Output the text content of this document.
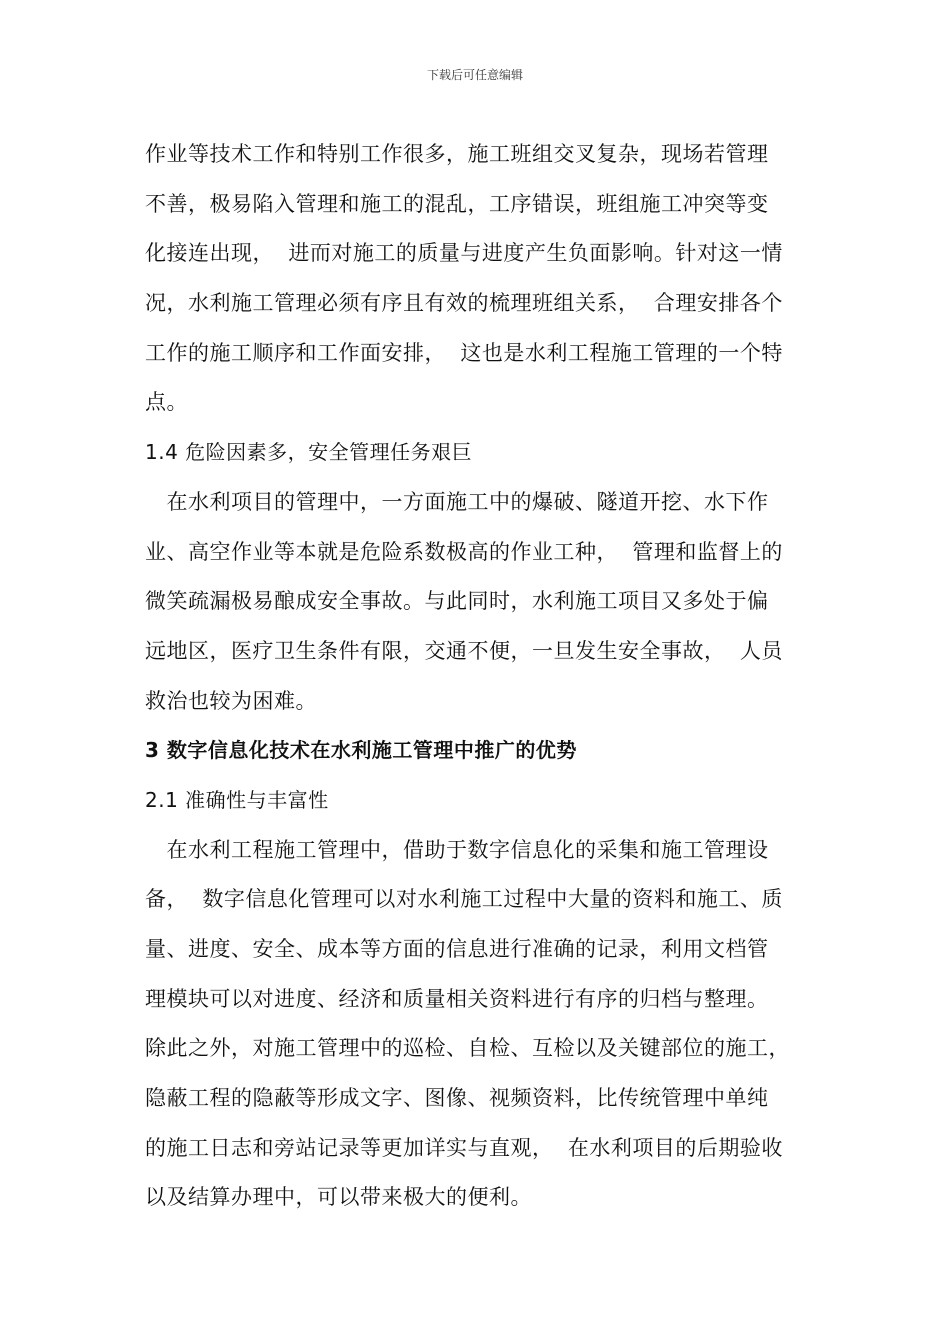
下载后可任意编辑
作业等技术工作和特别工作很多，施工班组交叉复杂，现场若管理
不善，极易陷入管理和施工的混乱，工序错误，班组施工冲突等变
化接连出现，  进而对施工的质量与进度产生负面影响。针对这一情
况，水利施工管理必须有序且有效的梳理班组关系，  合理安排各个
工作的施工顺序和工作面安排，  这也是水利工程施工管理的一个特
点。
1.4 危险因素多，安全管理任务艰巨
在水利项目的管理中，一方面施工中的爆破、隧道开挖、水下作
业、高空作业等本就是危险系数极高的作业工种，  管理和监督上的
微笑疏漏极易酿成安全事故。与此同时，水利施工项目又多处于偏
远地区，医疗卫生条件有限，交通不便，一旦发生安全事故，  人员
救治也较为困难。
3 数字信息化技术在水利施工管理中推广的优势
2.1 准确性与丰富性
在水利工程施工管理中，借助于数字信息化的采集和施工管理设
备，  数字信息化管理可以对水利施工过程中大量的资料和施工、质
量、进度、安全、成本等方面的信息进行准确的记录，利用文档管
理模块可以对进度、经济和质量相关资料进行有序的归档与整理。
除此之外，对施工管理中的巡检、自检、互检以及关键部位的施工，
隐蔽工程的隐蔽等形成文字、图像、视频资料，比传统管理中单纯
的施工日志和旁站记录等更加详实与直观，  在水利项目的后期验收
以及结算办理中，可以带来极大的便利。
